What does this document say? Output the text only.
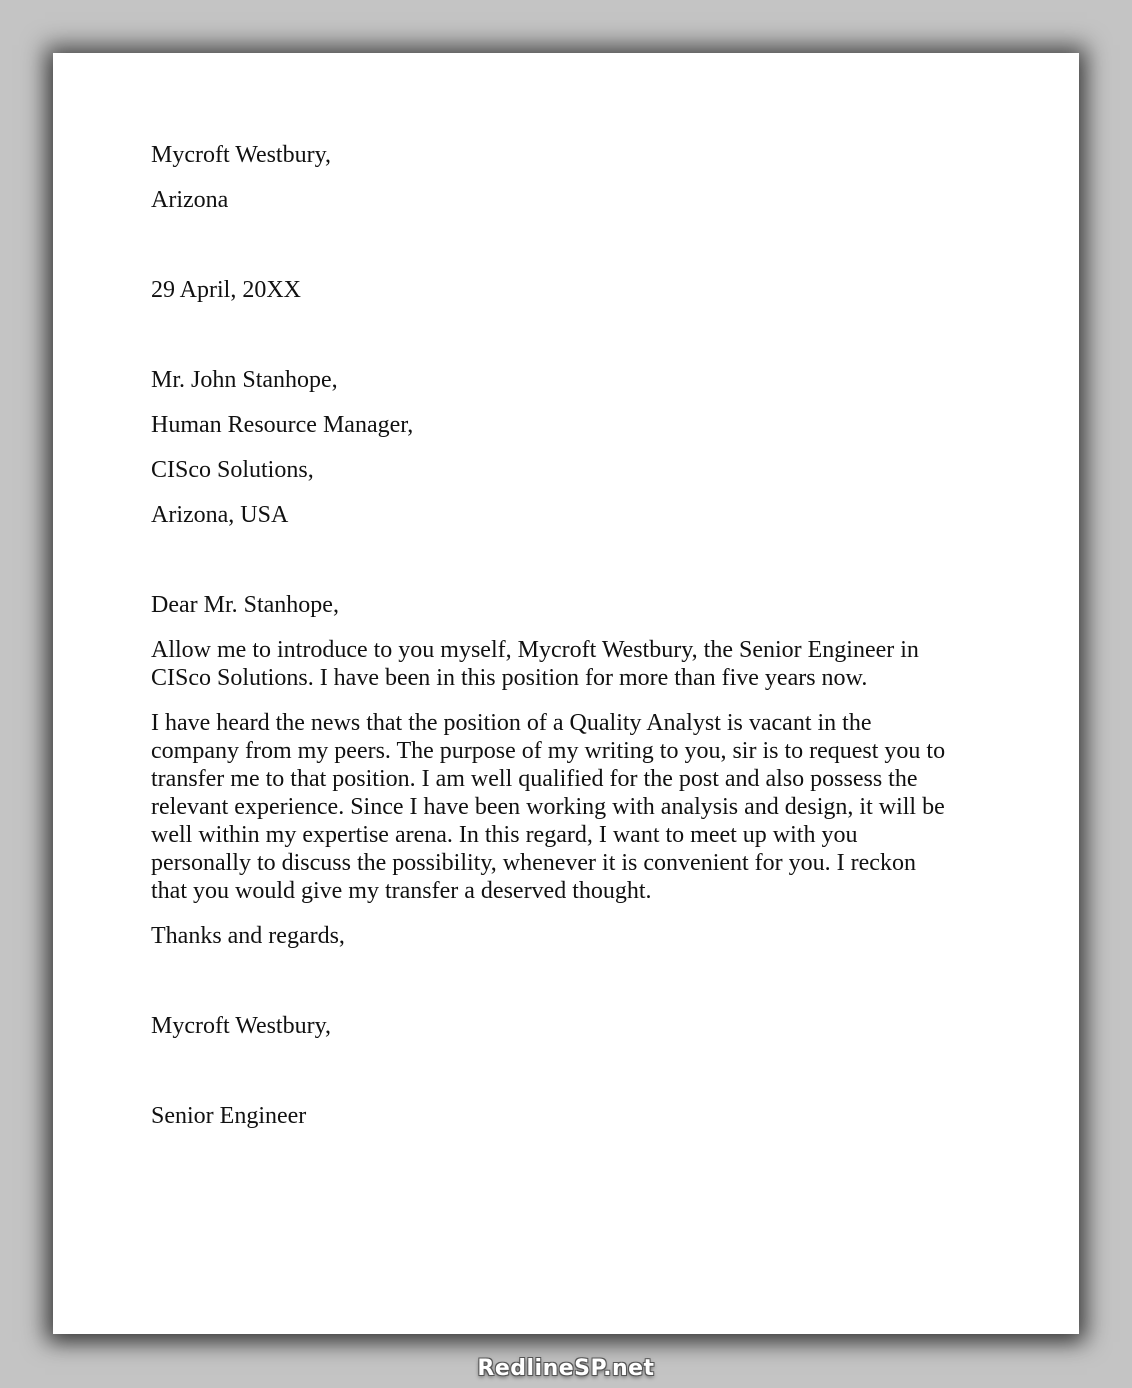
Mycroft Westbury,

Arizona

29 April, 20XX

Mr. John Stanhope,

Human Resource Manager,

CISco Solutions,

Arizona, USA

Dear Mr. Stanhope,

Allow me to introduce to you myself, Mycroft Westbury, the Senior Engineer in CISco Solutions. I have been in this position for more than five years now.

I have heard the news that the position of a Quality Analyst is vacant in the company from my peers. The purpose of my writing to you, sir is to request you to transfer me to that position. I am well qualified for the post and also possess the relevant experience. Since I have been working with analysis and design, it will be well within my expertise arena. In this regard, I want to meet up with you personally to discuss the possibility, whenever it is convenient for you. I reckon that you would give my transfer a deserved thought.

Thanks and regards,

Mycroft Westbury,

Senior Engineer

RedlineSP.net
